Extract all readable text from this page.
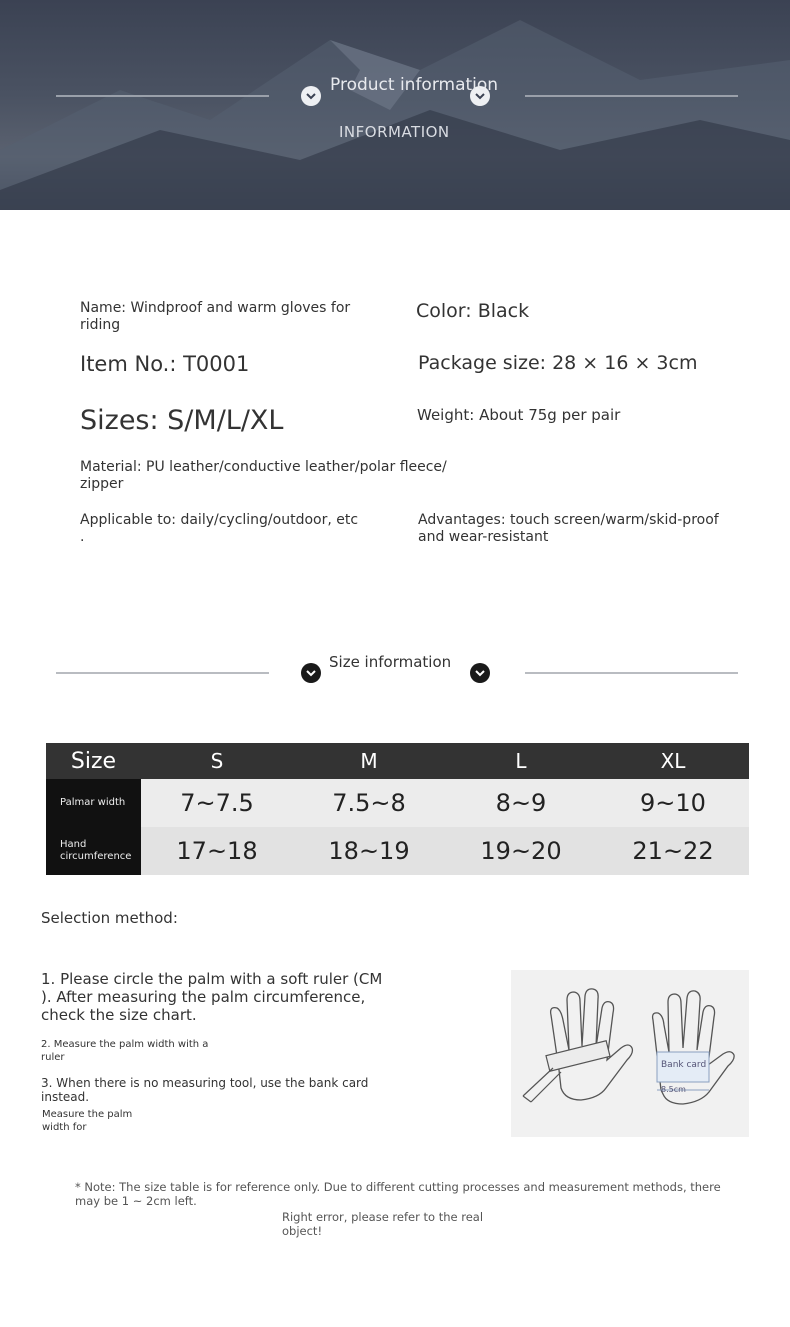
Product information
INFORMATION
Name: Windproof and warm gloves for riding
Color: Black
Item No.: T0001	Package size: 28 × 16 × 3cm
Sizes: S/M/L/XL	Weight: About 75g per pair
Material: PU leather/conductive leather/polar fleece/ zipper
Applicable to: daily/cycling/outdoor, etc .
Advantages: touch screen/warm/skid-proof and wear-resistant
Size information
Size	S	M	L	XL
Palmar width	7~7.5	7.5~8	8~9	9~10
Hand circumference	17~18	18~19	19~20	21~22
Selection method:
1. Please circle the palm with a soft ruler (CM ). After measuring the palm circumference, check the size chart.
2. Measure the palm width with a ruler
3. When there is no measuring tool, use the bank card instead.
Measure the palm width for
Bank card
8.5cm
* Note: The size table is for reference only. Due to different cutting processes and measurement methods, there may be 1 ~ 2cm left.
Right error, please refer to the real object!
